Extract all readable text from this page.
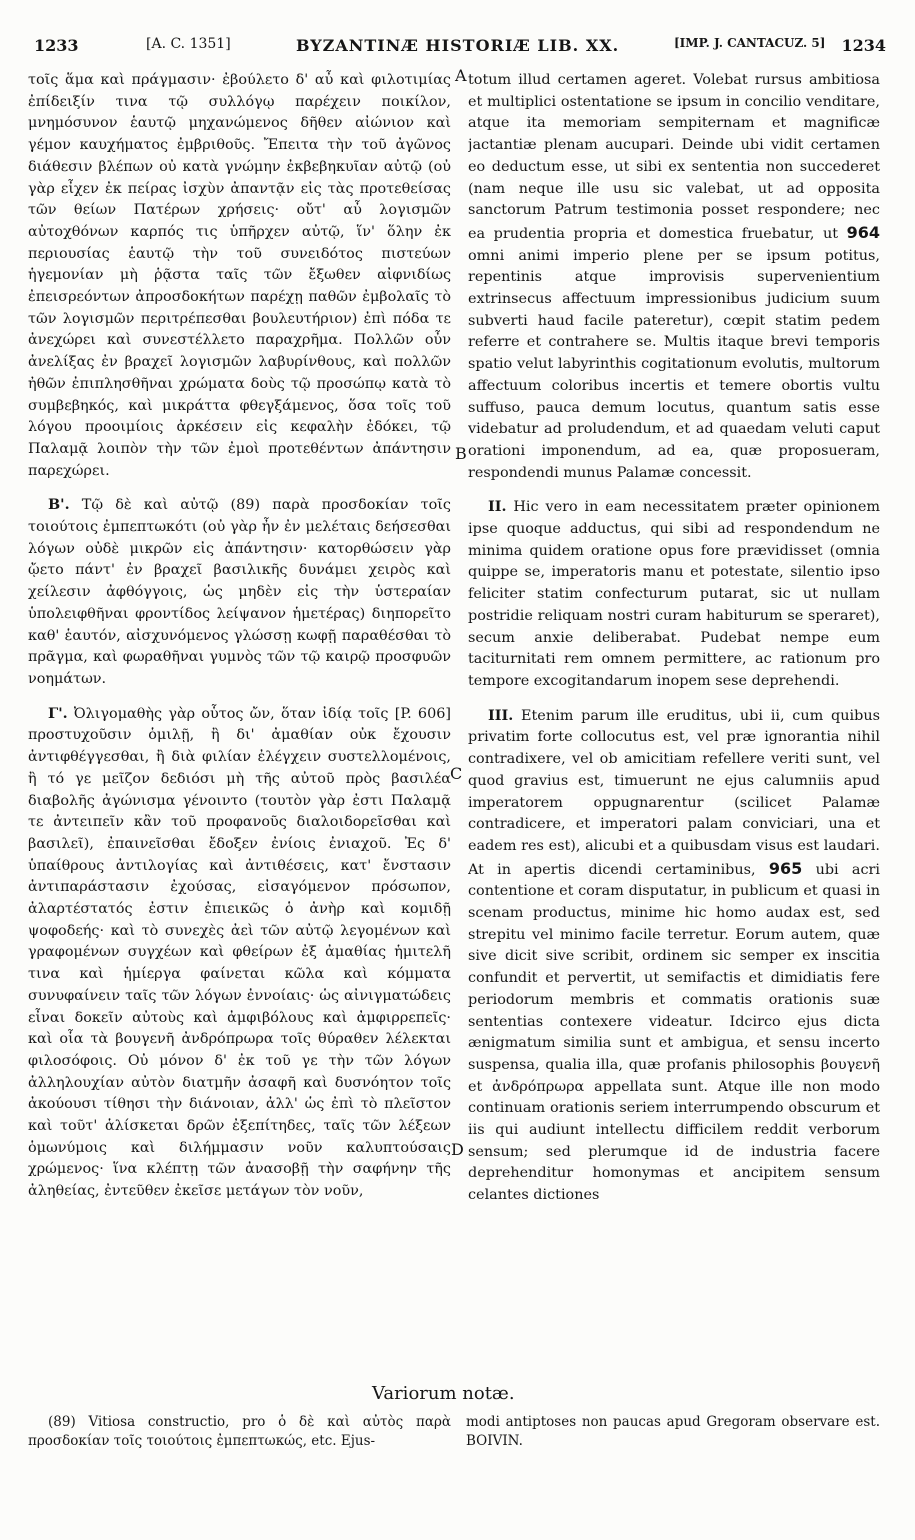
1233	[A. C. 1351]	BYZANTINÆ HISTORIÆ LIB. XX.	[IMP. J. CANTACUZ. 5] 1234

τοῖς ἅμα καὶ πράγμασιν· ἐβούλετο δ' αὖ καὶ φιλοτιμίας ἐπίδειξίν τινα τῷ συλλόγῳ παρέχειν ποικίλον, μνημόσυνον ἑαυτῷ μηχανώμενος δῆθεν αἰώνιον καὶ γέμον καυχήματος ἐμβριθοῦς. Ἔπειτα τὴν τοῦ ἀγῶνος διάθεσιν βλέπων οὐ κατὰ γνώμην ἐκβεβηκυῖαν αὐτῷ (οὐ γὰρ εἶχεν ἐκ πείρας ἰσχὺν ἀπαντᾷν εἰς τὰς προτεθείσας τῶν θείων Πατέρων χρήσεις· οὔτ' αὖ λογισμῶν αὐτοχθόνων καρπός τις ὑπῆρχεν αὐτῷ, ἵν' ὅλην ἐκ περιουσίας ἑαυτῷ τὴν τοῦ συνειδότος πιστεύων ἡγεμονίαν μὴ ῥᾷστα ταῖς τῶν ἔξωθεν αἰφνιδίως ἐπεισρεόντων ἀπροσδοκήτων παρέχῃ παθῶν ἐμβολαῖς τὸ τῶν λογισμῶν περιτρέπεσθαι βουλευτήριον) ἐπὶ πόδα τε ἀνεχώρει καὶ συνεστέλλετο παραχρῆμα. Πολλῶν οὖν ἀνελίξας ἐν βραχεῖ λογισμῶν λαβυρίνθους, καὶ πολλῶν ἠθῶν ἐπιπλησθῆναι χρώματα δοὺς τῷ προσώπῳ κατὰ τὸ συμβεβηκός, καὶ μικράττα φθεγξάμενος, ὅσα τοῖς τοῦ λόγου προοιμίοις ἀρκέσειν εἰς κεφαλὴν ἐδόκει, τῷ Παλαμᾷ λοιπὸν τὴν τῶν ἐμοὶ προτεθέντων ἀπάντησιν παρεχώρει.

Β'. Τῷ δὲ καὶ αὐτῷ (89) παρὰ προσδοκίαν τοῖς τοιούτοις ἐμπεπτωκότι (οὐ γὰρ ἦν ἐν μελέταις δεήσεσθαι λόγων οὐδὲ μικρῶν εἰς ἀπάντησιν· κατορθώσειν γὰρ ᾤετο πάντ' ἐν βραχεῖ βασιλικῆς δυνάμει χειρὸς καὶ χείλεσιν ἀφθόγγοις, ὡς μηδὲν εἰς τὴν ὑστεραίαν ὑπολειφθῆναι φροντίδος λείψανον ἡμετέρας) διηπορεῖτο καθ' ἑαυτόν, αἰσχυνόμενος γλώσσῃ κωφῇ παραθέσθαι τὸ πρᾶγμα, καὶ φωραθῆναι γυμνὸς τῶν τῷ καιρῷ προσφυῶν νοημάτων.

Γ'. Ὀλιγομαθὴς γὰρ οὗτος ὤν, ὅταν ἰδίᾳ τοῖς [P. 606] προστυχοῦσιν ὁμιλῇ, ἢ δι' ἀμαθίαν οὐκ ἔχουσιν ἀντιφθέγγεσθαι, ἢ διὰ φιλίαν ἐλέγχειν συστελλομένοις, ἢ τό γε μεῖζον δεδιόσι μὴ τῆς αὐτοῦ πρὸς βασιλέα διαβολῆς ἀγώνισμα γένοιντο (τουτὸν γὰρ ἐστι Παλαμᾷ τε ἀντειπεῖν κἂν τοῦ προφανοῦς διαλοιδορεῖσθαι καὶ βασιλεῖ), ἐπαινεῖσθαι ἔδοξεν ἐνίοις ἐνιαχοῦ. Ἐς δ' ὑπαίθρους ἀντιλογίας καὶ ἀντιθέσεις, κατ' ἔνστασιν ἀντιπαράστασιν ἐχούσας, εἰσαγόμενον πρόσωπον, ἀλαρτέστατός ἐστιν ἐπιεικῶς ὁ ἀνὴρ καὶ κομιδῇ ψοφοδεής· καὶ τὸ συνεχὲς ἀεὶ τῶν αὐτῷ λεγομένων καὶ γραφομένων συγχέων καὶ φθείρων ἐξ ἀμαθίας ἡμιτελῆ τινα καὶ ἡμίεργα φαίνεται κῶλα καὶ κόμματα συνυφαίνειν ταῖς τῶν λόγων ἐννοίαις· ὡς αἰνιγματώδεις εἶναι δοκεῖν αὐτοὺς καὶ ἀμφιβόλους καὶ ἀμφιρρεπεῖς· καὶ οἷα τὰ βουγενῆ ἀνδρόπρωρα τοῖς θύραθεν λέλεκται φιλοσόφοις. Οὐ μόνον δ' ἐκ τοῦ γε τὴν τῶν λόγων ἀλληλουχίαν αὐτὸν διατμῆν ἀσαφῆ καὶ δυσνόητον τοῖς ἀκούουσι τίθησι τὴν διάνοιαν, ἀλλ' ὡς ἐπὶ τὸ πλεῖστον καὶ τοῦτ' ἁλίσκεται δρῶν ἐξεπίτηδες, ταῖς τῶν λέξεων ὁμωνύμοις καὶ διλήμμασιν νοῦν καλυπτούσαις χρώμενος· ἵνα κλέπτῃ τῶν ἀνασοβῇ τὴν σαφήνην τῆς ἀληθείας, ἐντεῦθεν ἐκεῖσε μετάγων τὸν νοῦν,

A
B
C
D

totum illud certamen ageret. Volebat rursus ambitiosa et multiplici ostentatione se ipsum in concilio venditare, atque ita memoriam sempiternam et magnificæ jactantiæ plenam aucupari. Deinde ubi vidit certamen eo deductum esse, ut sibi ex sententia non succederet (nam neque ille usu sic valebat, ut ad opposita sanctorum Patrum testimonia posset respondere; nec ea prudentia propria et domestica fruebatur, ut 964 omni animi imperio plene per se ipsum potitus, repentinis atque improvisis supervenientium extrinsecus affectuum impressionibus judicium suum subverti haud facile pateretur), cœpit statim pedem referre et contrahere se. Multis itaque brevi temporis spatio velut labyrinthis cogitationum evolutis, multorum affectuum coloribus incertis et temere obortis vultu suffuso, pauca demum locutus, quantum satis esse videbatur ad proludendum, et ad quaedam veluti caput orationi imponendum, ad ea, quæ proposueram, respondendi munus Palamæ concessit.

II. Hic vero in eam necessitatem præter opinionem ipse quoque adductus, qui sibi ad respondendum ne minima quidem oratione opus fore prævidisset (omnia quippe se, imperatoris manu et potestate, silentio ipso feliciter statim confecturum putarat, sic ut nullam postridie reliquam nostri curam habiturum se speraret), secum anxie deliberabat. Pudebat nempe eum taciturnitati rem omnem permittere, ac rationum pro tempore excogitandarum inopem sese deprehendi.

III. Etenim parum ille eruditus, ubi ii, cum quibus privatim forte collocutus est, vel præ ignorantia nihil contradixere, vel ob amicitiam refellere veriti sunt, vel quod gravius est, timuerunt ne ejus calumniis apud imperatorem oppugnarentur (scilicet Palamæ contradicere, et imperatori palam conviciari, una et eadem res est), alicubi et a quibusdam visus est laudari. At in apertis dicendi certaminibus, 965 ubi acri contentione et coram disputatur, in publicum et quasi in scenam productus, minime hic homo audax est, sed strepitu vel minimo facile terretur. Eorum autem, quæ sive dicit sive scribit, ordinem sic semper ex inscitia confundit et pervertit, ut semifactis et dimidiatis fere periodorum membris et commatis orationis suæ sententias contexere videatur. Idcirco ejus dicta ænigmatum similia sunt et ambigua, et sensu incerto suspensa, qualia illa, quæ profanis philosophis βουγενῆ et ἀνδρόπρωρα appellata sunt. Atque ille non modo continuam orationis seriem interrumpendo obscurum et iis qui audiunt intellectu difficilem reddit verborum sensum; sed plerumque id de industria facere deprehenditur homonymas et ancipitem sensum celantes dictiones

Variorum notæ.
(89) Vitiosa constructio, pro ὁ δὲ καὶ αὐτὸς παρὰ προσδοκίαν τοῖς τοιούτοις ἐμπεπτωκώς, etc. Ejus-
modi antiptoses non paucas apud Gregoram observare est. BOIVIN.
